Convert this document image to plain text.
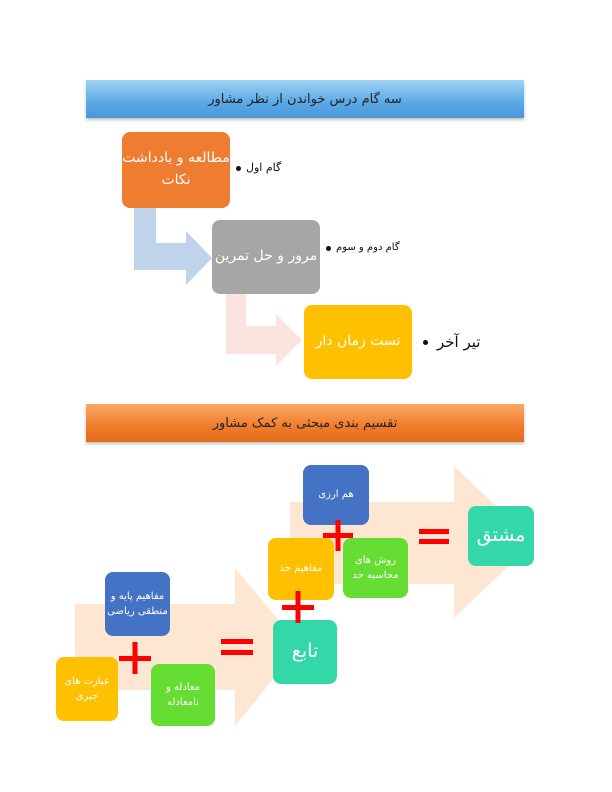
سه گام درس خواندن از نظر مشاور
مطالعه و یادداشت نکات
گام اول
مرور و حل تمرین
گام دوم و سوم
تست زمان دار تیر آخر
تقسیم بندی مبحثی به کمک مشاور
هم ارزی
مفاهیم حد
روش های محاسبه حد
مشتق
مفاهیم پایه و منطقی ریاضی
عبارت های جبری
معادله و نامعادله
تابع
